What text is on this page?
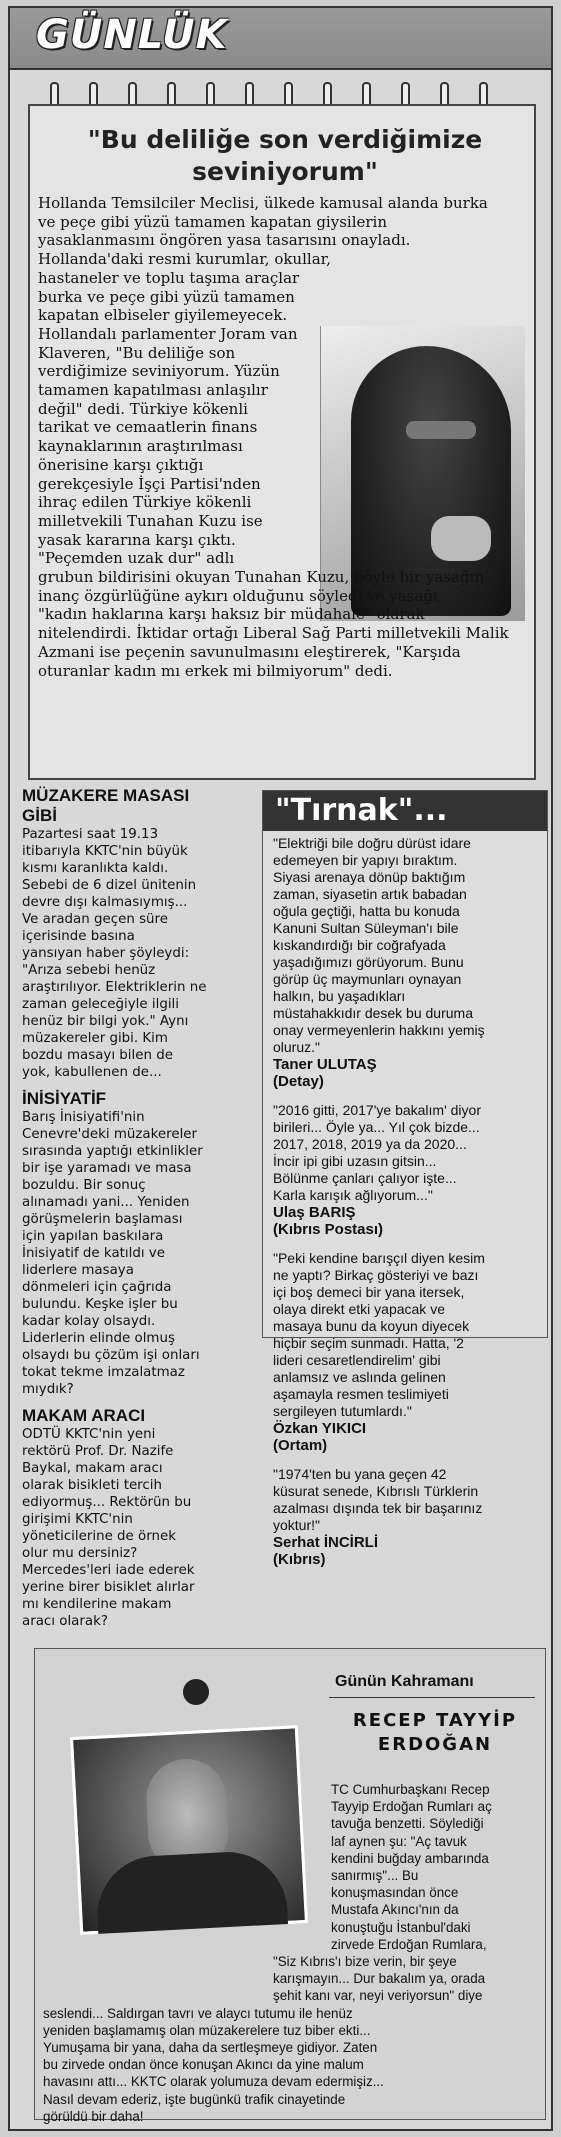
GÜNLÜK
"Bu deliliğe son verdiğimize seviniyorum"

Hollanda Temsilciler Meclisi, ülkede kamusal alanda burka

ve peçe gibi yüzü tamamen kapatan giysilerin

yasaklanmasını öngören yasa tasarısını onayladı.

Hollanda'daki resmi kurumlar, okullar,

hastaneler ve toplu taşıma araçlar

burka ve peçe gibi yüzü tamamen

kapatan elbiseler giyilemeyecek.

Hollandalı parlamenter Joram van

Klaveren, "Bu deliliğe son

verdiğimize seviniyorum. Yüzün

tamamen kapatılması anlaşılır

değil" dedi. Türkiye kökenli

tarikat ve cemaatlerin finans

kaynaklarının araştırılması

önerisine karşı çıktığı

gerekçesiyle İşçi Partisi'nden

ihraç edilen Türkiye kökenli

milletvekili Tunahan Kuzu ise

yasak kararına karşı çıktı.

"Peçemden uzak dur" adlı

grubun bildirisini okuyan Tunahan Kuzu, böyle bir yasağın

inanç özgürlüğüne aykırı olduğunu söyledi ve yasağı,

"kadın haklarına karşı haksız bir müdahale" olarak

nitelendirdi. İktidar ortağı Liberal Sağ Parti milletvekili Malik

Azmani ise peçenin savunulmasını eleştirerek, "Karşıda

oturanlar kadın mı erkek mi bilmiyorum" dedi.

MÜZAKERE MASASI
GİBİ

Pazartesi saat 19.13

itibarıyla KKTC'nin büyük

kısmı karanlıkta kaldı.

Sebebi de 6 dizel ünitenin

devre dışı kalmasıymış...

Ve aradan geçen süre

içerisinde basına

yansıyan haber şöyleydi:

"Arıza sebebi henüz

araştırılıyor. Elektriklerin ne

zaman geleceğiyle ilgili

henüz bir bilgi yok." Aynı

müzakereler gibi. Kim

bozdu masayı bilen de

yok, kabullenen de...

İNİSİYATİF

Barış İnisiyatifi'nin

Cenevre'deki müzakereler

sırasında yaptığı etkinlikler

bir işe yaramadı ve masa

bozuldu. Bir sonuç

alınamadı yani... Yeniden

görüşmelerin başlaması

için yapılan baskılara

İnisiyatif de katıldı ve

liderlere masaya

dönmeleri için çağrıda

bulundu. Keşke işler bu

kadar kolay olsaydı.

Liderlerin elinde olmuş

olsaydı bu çözüm işi onları

tokat tekme imzalatmaz

mıydık?

MAKAM ARACI

ODTÜ KKTC'nin yeni

rektörü Prof. Dr. Nazife

Baykal, makam aracı

olarak bisikleti tercih

ediyormuş... Rektörün bu

girişimi KKTC'nin

yöneticilerine de örnek

olur mu dersiniz?

Mercedes'leri iade ederek

yerine birer bisiklet alırlar

mı kendilerine makam

aracı olarak?

"Tırnak"...

"Elektriği bile doğru dürüst idare

edemeyen bir yapıyı bıraktım.

Siyasi arenaya dönüp baktığım

zaman, siyasetin artık babadan

oğula geçtiği, hatta bu konuda

Kanuni Sultan Süleyman'ı bile

kıskandırdığı bir coğrafyada

yaşadığımızı görüyorum. Bunu

görüp üç maymunları oynayan

halkın, bu yaşadıkları

müstahakkıdır desek bu duruma

onay vermeyenlerin hakkını yemiş

oluruz."

Taner ULUTAŞ

(Detay)

"2016 gitti, 2017'ye bakalım' diyor

birileri... Öyle ya... Yıl çok bizde...

2017, 2018, 2019 ya da 2020...

İncir ipi gibi uzasın gitsin...

Bölünme çanları çalıyor işte...

Karla karışık ağlıyorum..."

Ulaş BARIŞ

(Kıbrıs Postası)

"Peki kendine barışçıl diyen kesim

ne yaptı? Birkaç gösteriyi ve bazı

içi boş demeci bir yana itersek,

olaya direkt etki yapacak ve

masaya bunu da koyun diyecek

hiçbir seçim sunmadı. Hatta, '2

lideri cesaretlendirelim' gibi

anlamsız ve aslında gelinen

aşamayla resmen teslimiyeti

sergileyen tutumlardı."

Özkan YIKICI

(Ortam)

"1974'ten bu yana geçen 42

küsurat senede, Kıbrıslı Türklerin

azalması dışında tek bir başarınız

yoktur!"

Serhat İNCİRLİ

(Kıbrıs)

Günün Kahramanı
RECEP TAYYİP
ERDOĞAN

TC Cumhurbaşkanı Recep

Tayyip Erdoğan Rumları aç

tavuğa benzetti. Söylediği

laf aynen şu: "Aç tavuk

kendini buğday ambarında

sanırmış"... Bu

konuşmasından önce

Mustafa Akıncı'nın da

konuştuğu İstanbul'daki

zirvede Erdoğan Rumlara,

"Siz Kıbrıs'ı bize verin, bir şeye

karışmayın... Dur bakalım ya, orada

şehit kanı var, neyi veriyorsun" diye

seslendi... Saldırgan tavrı ve alaycı tutumu ile henüz

yeniden başlamamış olan müzakerelere tuz biber ekti...

Yumuşama bir yana, daha da sertleşmeye gidiyor. Zaten

bu zirvede ondan önce konuşan Akıncı da yine malum

havasını attı... KKTC olarak yolumuza devam edermişiz...

Nasıl devam ederiz, işte bugünkü trafik cinayetinde

görüldü bir daha!
